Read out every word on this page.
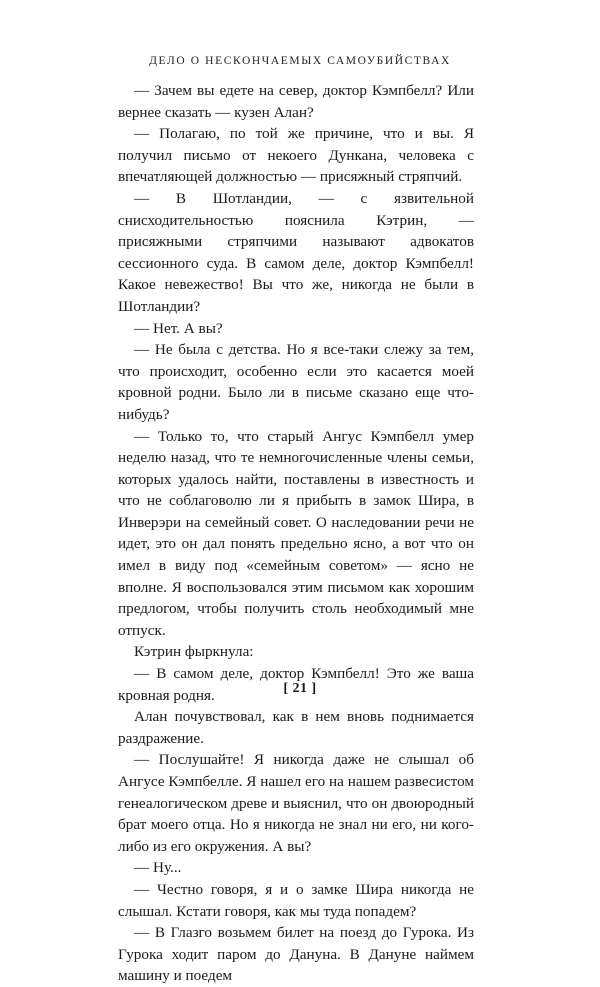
ДЕЛО О НЕСКОНЧАЕМЫХ САМОУБИЙСТВАХ

— Зачем вы едете на север, доктор Кэмпбелл? Или вернее сказать — кузен Алан?

— Полагаю, по той же причине, что и вы. Я получил письмо от некоего Дункана, человека с впечатляющей должностью — присяжный стряпчий.

— В Шотландии, — с язвительной снисходительностью пояснила Кэтрин, — присяжными стряпчими называют адвокатов сессионного суда. В самом деле, доктор Кэмпбелл! Какое невежество! Вы что же, никогда не были в Шотландии?

— Нет. А вы?

— Не была с детства. Но я все-таки слежу за тем, что происходит, особенно если это касается моей кровной родни. Было ли в письме сказано еще что-нибудь?

— Только то, что старый Ангус Кэмпбелл умер неделю назад, что те немногочисленные члены семьи, которых удалось найти, поставлены в известность и что не соблаговолю ли я прибыть в замок Шира, в Инверэри на семейный совет. О наследовании речи не идет, это он дал понять предельно ясно, а вот что он имел в виду под «семейным советом» — ясно не вполне. Я воспользовался этим письмом как хорошим предлогом, чтобы получить столь необходимый мне отпуск.

Кэтрин фыркнула:

— В самом деле, доктор Кэмпбелл! Это же ваша кровная родня.

Алан почувствовал, как в нем вновь поднимается раздражение.

— Послушайте! Я никогда даже не слышал об Ангусе Кэмпбелле. Я нашел его на нашем развесистом генеалогическом древе и выяснил, что он двоюродный брат моего отца. Но я никогда не знал ни его, ни кого-либо из его окружения. А вы?

— Ну...

— Честно говоря, я и о замке Шира никогда не слышал. Кстати говоря, как мы туда попадем?

— В Глазго возьмем билет на поезд до Гурока. Из Гурока ходит паром до Дануна. В Дануне наймем машину и поедем

[ 21 ]
